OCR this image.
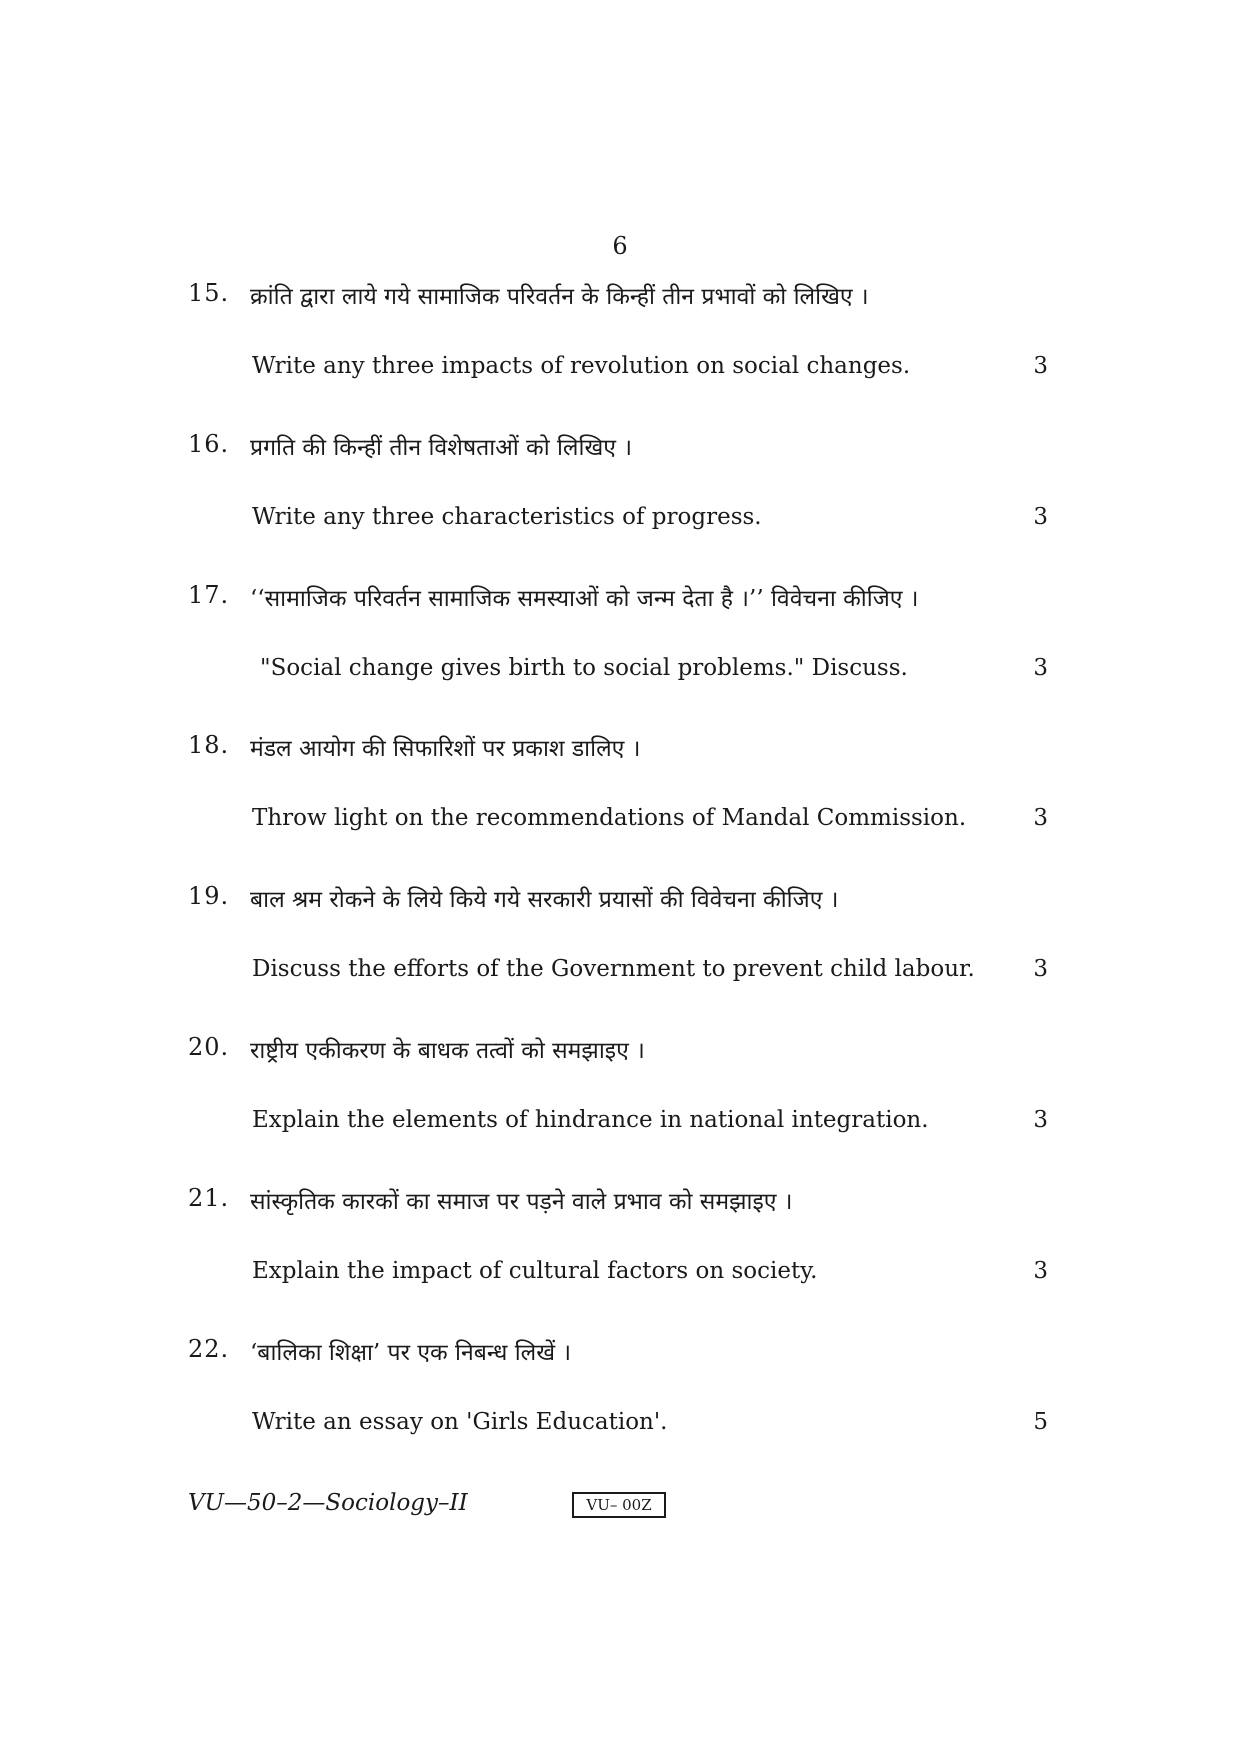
6
15. क्रांति द्वारा लाये गये सामाजिक परिवर्तन के किन्हीं तीन प्रभावों को लिखिए ।
Write any three impacts of revolution on social changes.	3
16. प्रगति की किन्हीं तीन विशेषताओं को लिखिए ।
Write any three characteristics of progress.	3
17. ‘‘सामाजिक परिवर्तन सामाजिक समस्याओं को जन्म देता है ।’’ विवेचना कीजिए ।
"Social change gives birth to social problems." Discuss.	3
18. मंडल आयोग की सिफारिशों पर प्रकाश डालिए ।
Throw light on the recommendations of Mandal Commission.	3
19. बाल श्रम रोकने के लिये किये गये सरकारी प्रयासों की विवेचना कीजिए ।
Discuss the efforts of the Government to prevent child labour.	3
20. राष्ट्रीय एकीकरण के बाधक तत्वों को समझाइए ।
Explain the elements of hindrance in national integration.	3
21. सांस्कृतिक कारकों का समाज पर पड़ने वाले प्रभाव को समझाइए ।
Explain the impact of cultural factors on society.	3
22. ‘बालिका शिक्षा’ पर एक निबन्ध लिखें ।
Write an essay on 'Girls Education'.	5
VU—50–2—Sociology–II	VU– 00Z
